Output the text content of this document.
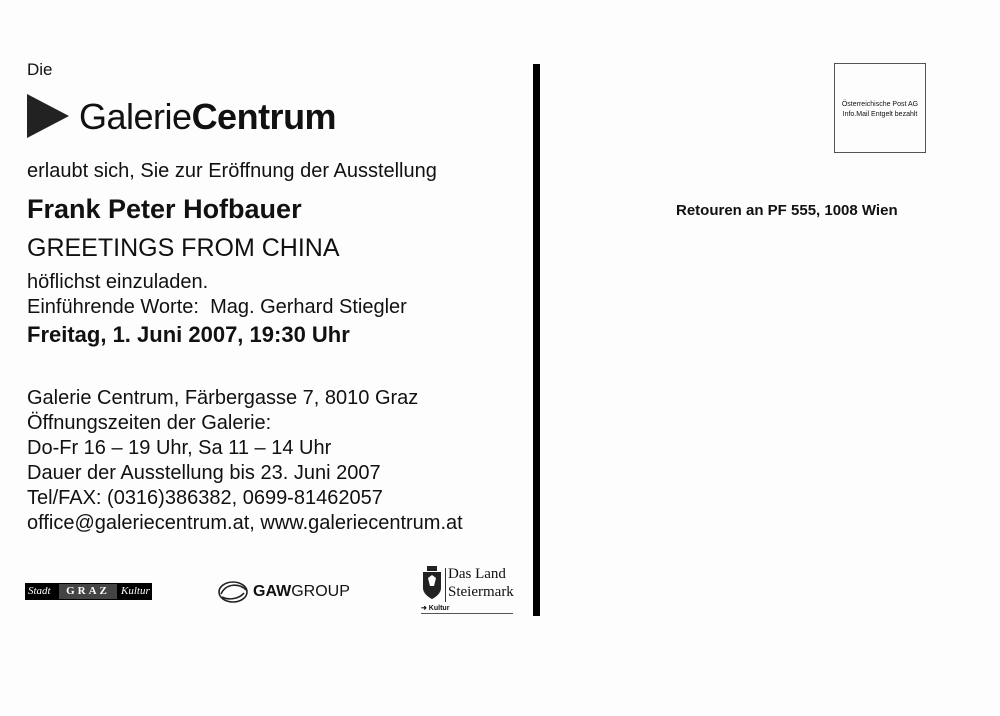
Die
GalerieCentrum
erlaubt sich, Sie zur Eröffnung der Ausstellung
Frank Peter Hofbauer
GREETINGS FROM CHINA
höflichst einzuladen.
Einführende Worte:  Mag. Gerhard Stiegler
Freitag, 1. Juni 2007, 19:30 Uhr
Galerie Centrum, Färbergasse 7, 8010 Graz
Öffnungszeiten der Galerie:
Do-Fr 16 – 19 Uhr, Sa 11 – 14 Uhr
Dauer der Ausstellung bis 23. Juni 2007
Tel/FAX: (0316)386382, 0699-81462057
office@galeriecentrum.at, www.galeriecentrum.at
Stadt	GRAZ	Kultur	GAWGROUP
Das Land
Steiermark
➜ Kultur
Österreichische Post AG
Info.Mail Entgelt bezahlt
Retouren an PF 555, 1008 Wien
